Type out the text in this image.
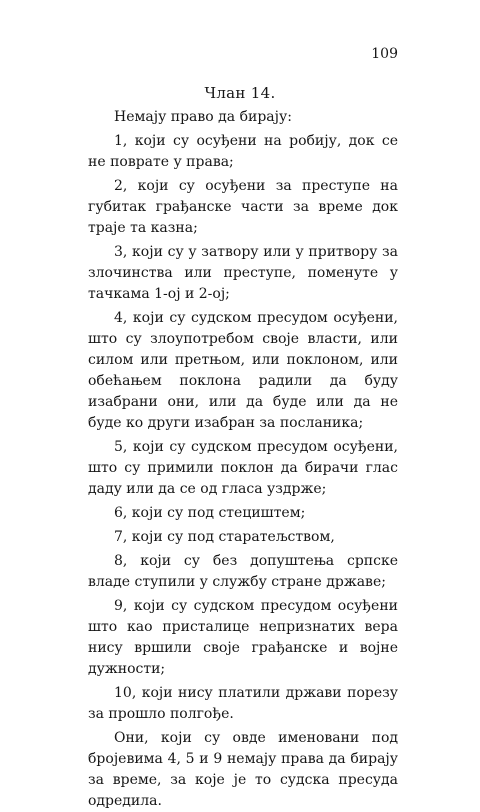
109
Члан 14.

Немају право да бирају:

1, који су осуђени на робију, док се не поврате у права;

2, који су осуђени за преступе на губитак грађанске части за време док траје та казна;

3, који су у затвору или у притвору за злочинства или преступе, поменуте у тачкама 1-ој и 2-ој;

4, који су судском пресудом осуђени, што су злоупотребом своје власти, или силом или претњом, или поклоном, или обећањем поклона радили да буду изабрани они, или да буде или да не буде ко други изабран за посланика;

5, који су судском пресудом осуђени, што су примили поклон да бирачи глас даду или да се од гласа уздрже;

6, који су под стециштем;

7, који су под старатељством,

8, који су без допуштења српске владе ступили у службу стране државе;

9, који су судском пресудом осуђени што као присталице непризнатих вера нису вршили своје грађанске и војне дужности;

10, који нису платили држави порезу за прошло полгође.

Они, који су овде именовани под бројевима 4, 5 и 9 немају права да бирају за време, за које је то судска пресуда одредила.
